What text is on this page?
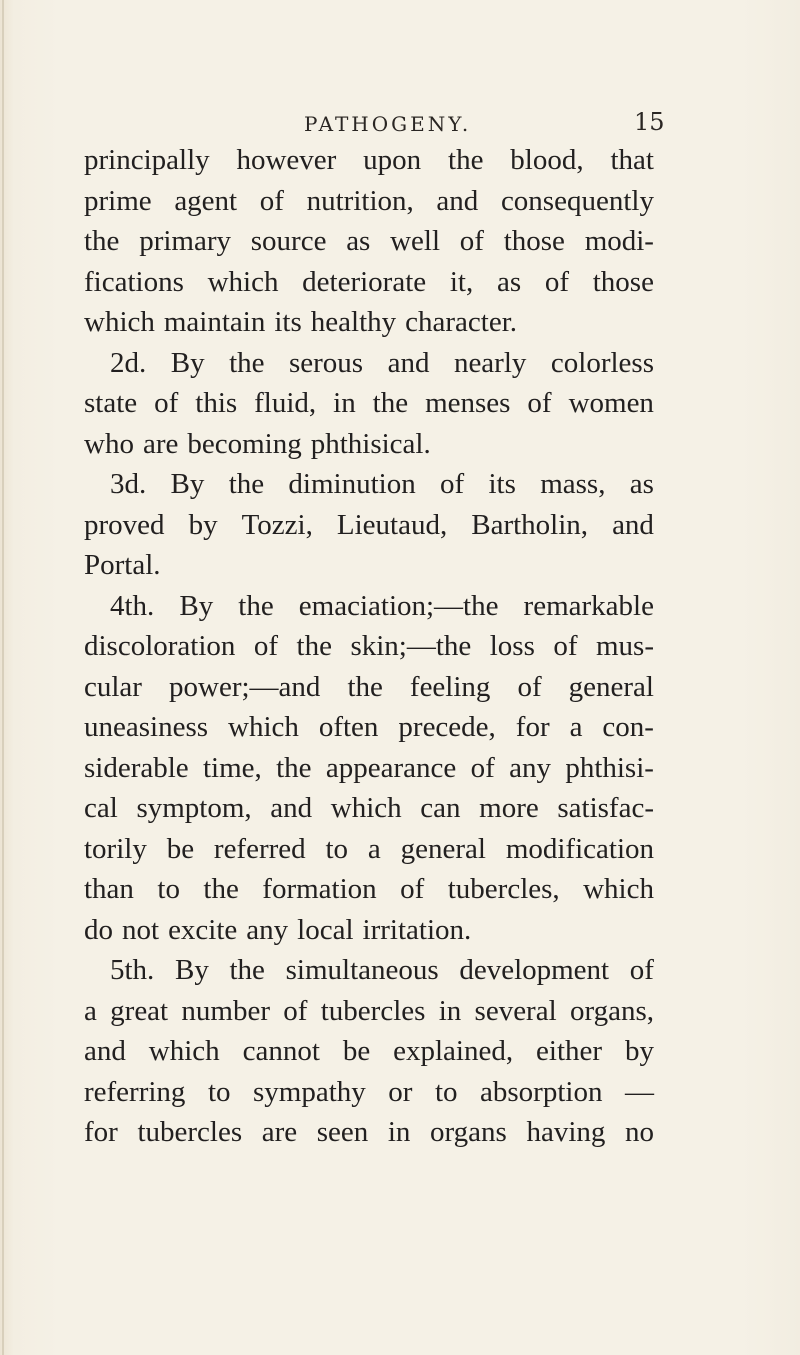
PATHOGENY.	15
principally however upon the blood, that
prime agent of nutrition, and consequently
the primary source as well of those modi-
fications which deteriorate it, as of those
which maintain its healthy character.
2d. By the serous and nearly colorless
state of this fluid, in the menses of women
who are becoming phthisical.
3d. By the diminution of its mass, as
proved by Tozzi, Lieutaud, Bartholin, and
Portal.
4th. By the emaciation;—the remarkable
discoloration of the skin;—the loss of mus-
cular power;—and the feeling of general
uneasiness which often precede, for a con-
siderable time, the appearance of any phthisi-
cal symptom, and which can more satisfac-
torily be referred to a general modification
than to the formation of tubercles, which
do not excite any local irritation.
5th. By the simultaneous development of
a great number of tubercles in several organs,
and which cannot be explained, either by
referring to sympathy or to absorption —
for tubercles are seen in organs having no
